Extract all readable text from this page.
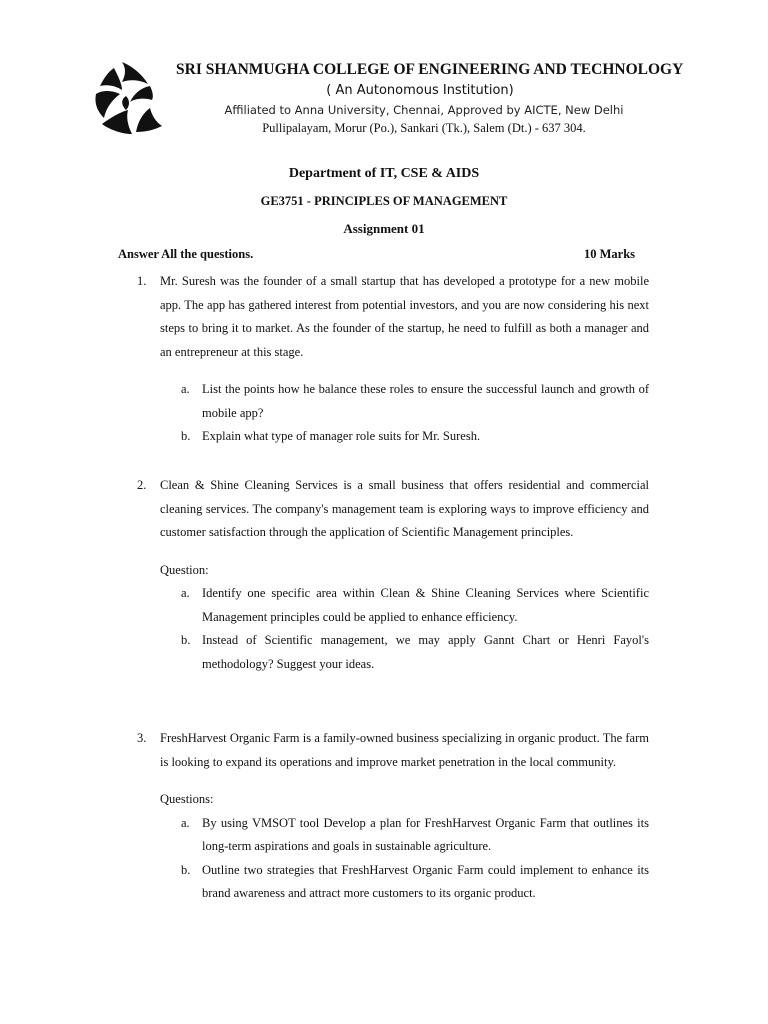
SRI SHANMUGHA COLLEGE OF ENGINEERING AND TECHNOLOGY
( An Autonomous Institution)
Affiliated to Anna University, Chennai, Approved by AICTE, New Delhi
Pullipalayam, Morur (Po.), Sankari (Tk.), Salem (Dt.) - 637 304.
Department of IT, CSE & AIDS
GE3751 - PRINCIPLES OF MANAGEMENT
Assignment 01
Answer All the questions.	10 Marks
1.	Mr. Suresh was the founder of a small startup that has developed a prototype for a new mobile app. The app has gathered interest from potential investors, and you are now considering his next steps to bring it to market. As the founder of the startup, he need to fulfill as both a manager and an entrepreneur at this stage.
a. List the points how he balance these roles to ensure the successful launch and growth of mobile app?
b. Explain what type of manager role suits for Mr. Suresh.
2.	Clean & Shine Cleaning Services is a small business that offers residential and commercial cleaning services. The company's management team is exploring ways to improve efficiency and customer satisfaction through the application of Scientific Management principles.
Question:
a. Identify one specific area within Clean & Shine Cleaning Services where Scientific Management principles could be applied to enhance efficiency.
b. Instead of Scientific management, we may apply Gannt Chart or Henri Fayol's methodology? Suggest your ideas.
3.	FreshHarvest Organic Farm is a family-owned business specializing in organic product. The farm is looking to expand its operations and improve market penetration in the local community.
Questions:
a. By using VMSOT tool Develop a plan for FreshHarvest Organic Farm that outlines its long-term aspirations and goals in sustainable agriculture.
b. Outline two strategies that FreshHarvest Organic Farm could implement to enhance its brand awareness and attract more customers to its organic product.
